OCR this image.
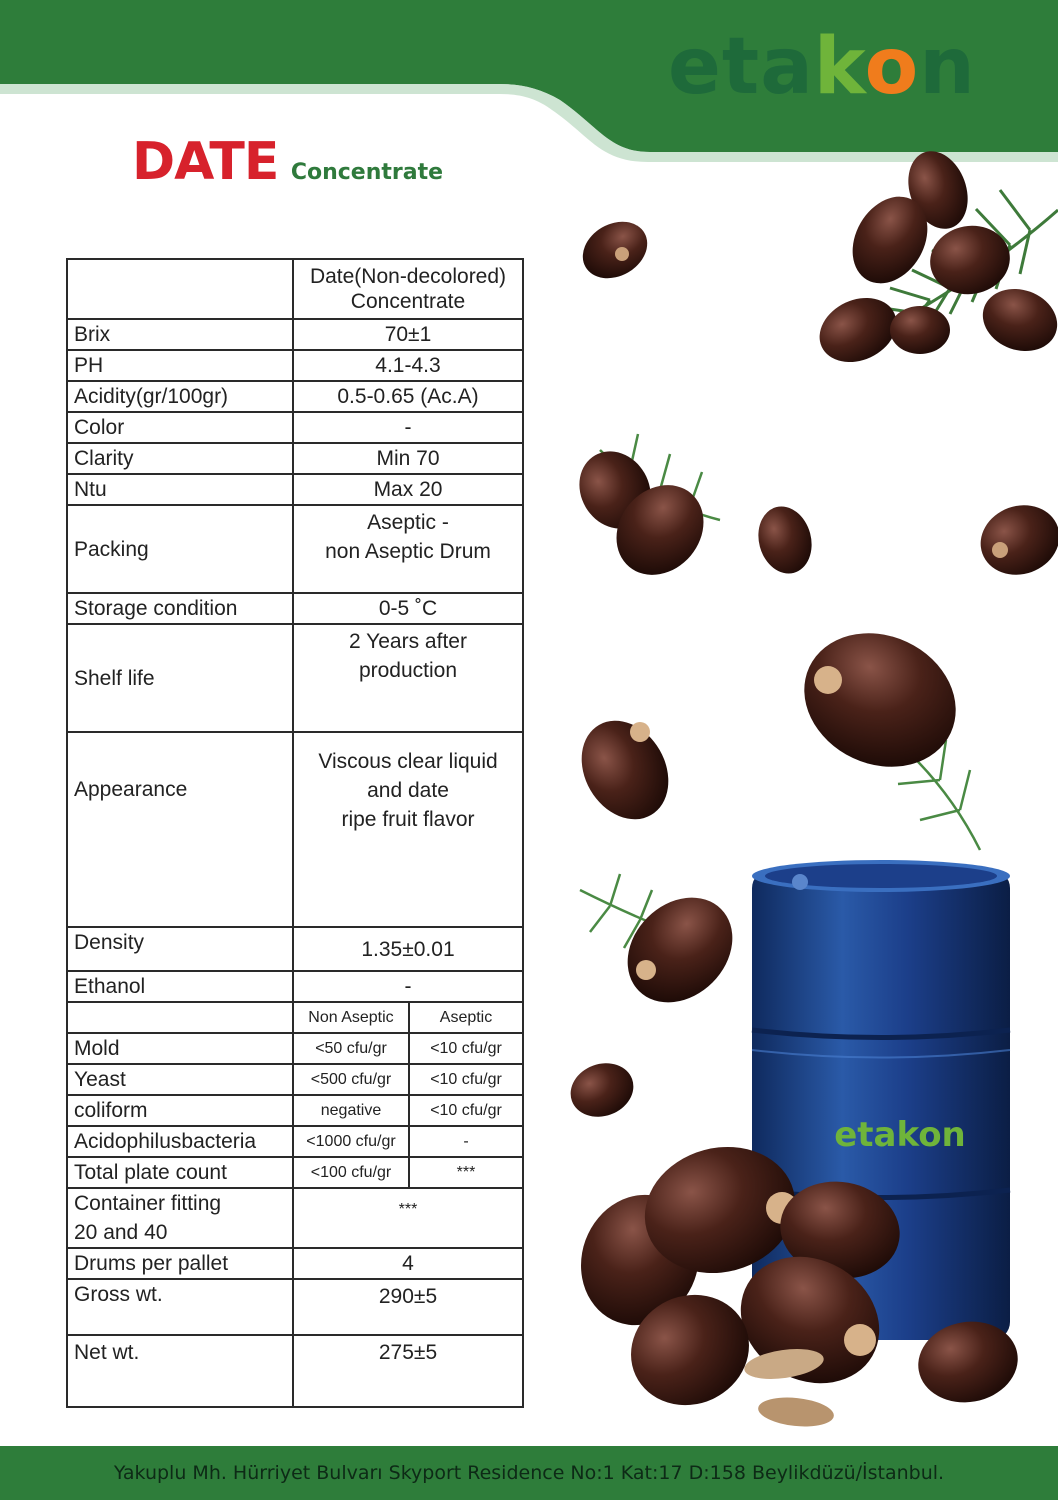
etakon
DATE Concentrate
	Date(Non-decolored) Concentrate	
Brix	70±1	
PH	4.1-4.3	
Acidity(gr/100gr)	0.5-0.65 (Ac.A)	
Color	-	
Clarity	Min 70	
Ntu	Max 20	
Packing	Aseptic -
non Aseptic Drum	

Storage condition	0-5 ˚C	
Shelf life	2 Years after
production	

Appearance	Viscous clear liquid
and date
ripe fruit flavor	

Density	1.35±0.01	
Ethanol	-	
	Non Aseptic	Aseptic
Mold	<50 cfu/gr	<10 cfu/gr
Yeast	<500 cfu/gr	<10 cfu/gr
coliform	negative	<10 cfu/gr
Acidophilusbacteria	<1000 cfu/gr	-
Total plate count	<100 cfu/gr	***

Container fitting
20 and 40	***	
Drums per pallet	4	
Gross wt.	290±5	
Net wt.	275±5	
etakon
Yakuplu Mh. Hürriyet Bulvarı Skyport Residence No:1 Kat:17 D:158 Beylikdüzü/İstanbul.
